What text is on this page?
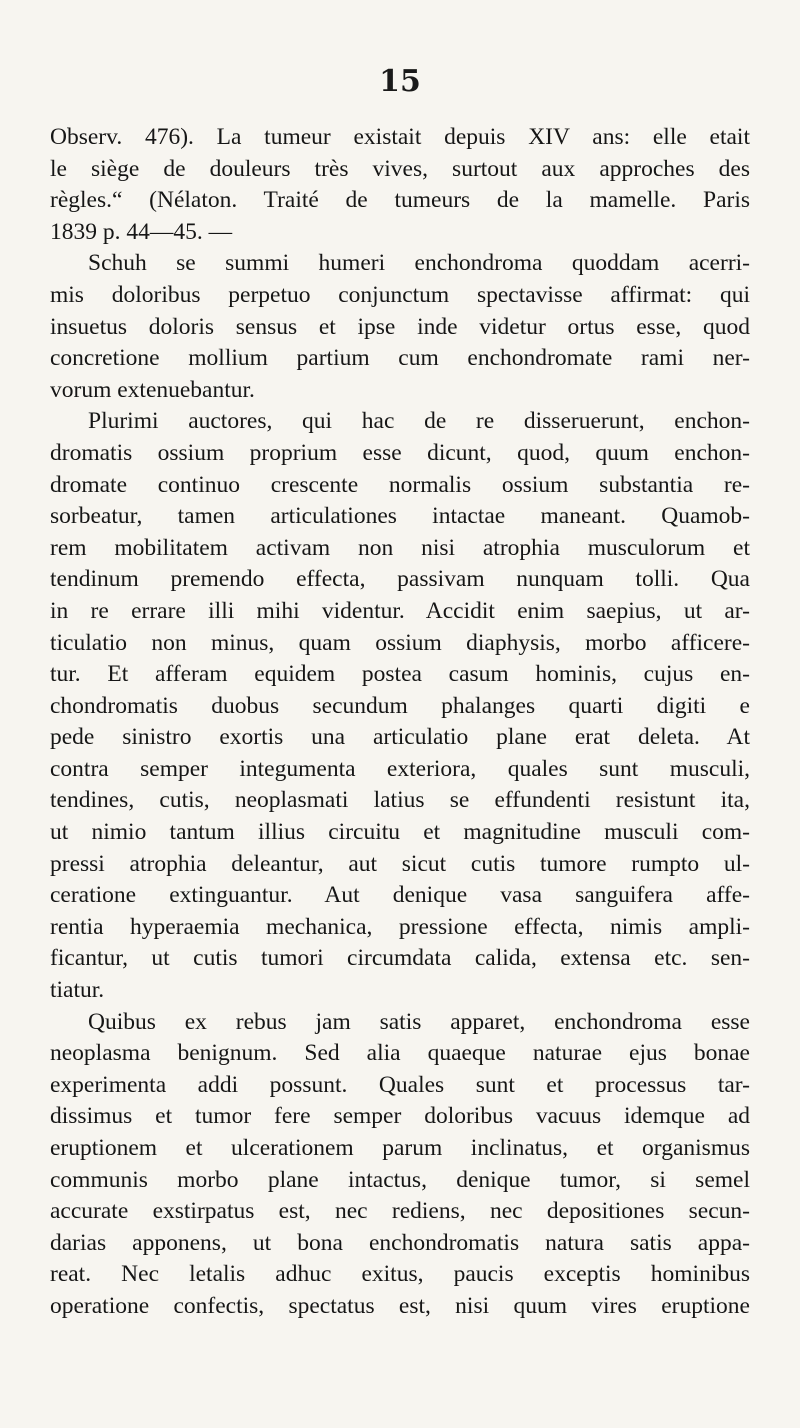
15
Observ. 476). La tumeur existait depuis XIV ans: elle etait
le siège de douleurs très vives, surtout aux approches des
règles.“ (Nélaton. Traité de tumeurs de la mamelle. Paris
1839 p. 44—45. —
Schuh se summi humeri enchondroma quoddam acerri-
mis doloribus perpetuo conjunctum spectavisse affirmat: qui
insuetus doloris sensus et ipse inde videtur ortus esse, quod
concretione mollium partium cum enchondromate rami ner-
vorum extenuebantur.
Plurimi auctores, qui hac de re disseruerunt, enchon-
dromatis ossium proprium esse dicunt, quod, quum enchon-
dromate continuo crescente normalis ossium substantia re-
sorbeatur, tamen articulationes intactae maneant. Quamob-
rem mobilitatem activam non nisi atrophia musculorum et
tendinum premendo effecta, passivam nunquam tolli. Qua
in re errare illi mihi videntur. Accidit enim saepius, ut ar-
ticulatio non minus, quam ossium diaphysis, morbo afficere-
tur. Et afferam equidem postea casum hominis, cujus en-
chondromatis duobus secundum phalanges quarti digiti e
pede sinistro exortis una articulatio plane erat deleta. At
contra semper integumenta exteriora, quales sunt musculi,
tendines, cutis, neoplasmati latius se effundenti resistunt ita,
ut nimio tantum illius circuitu et magnitudine musculi com-
pressi atrophia deleantur, aut sicut cutis tumore rumpto ul-
ceratione extinguantur. Aut denique vasa sanguifera affe-
rentia hyperaemia mechanica, pressione effecta, nimis ampli-
ficantur, ut cutis tumori circumdata calida, extensa etc. sen-
tiatur.
Quibus ex rebus jam satis apparet, enchondroma esse
neoplasma benignum. Sed alia quaeque naturae ejus bonae
experimenta addi possunt. Quales sunt et processus tar-
dissimus et tumor fere semper doloribus vacuus idemque ad
eruptionem et ulcerationem parum inclinatus, et organismus
communis morbo plane intactus, denique tumor, si semel
accurate exstirpatus est, nec rediens, nec depositiones secun-
darias apponens, ut bona enchondromatis natura satis appa-
reat. Nec letalis adhuc exitus, paucis exceptis hominibus
operatione confectis, spectatus est, nisi quum vires eruptione
